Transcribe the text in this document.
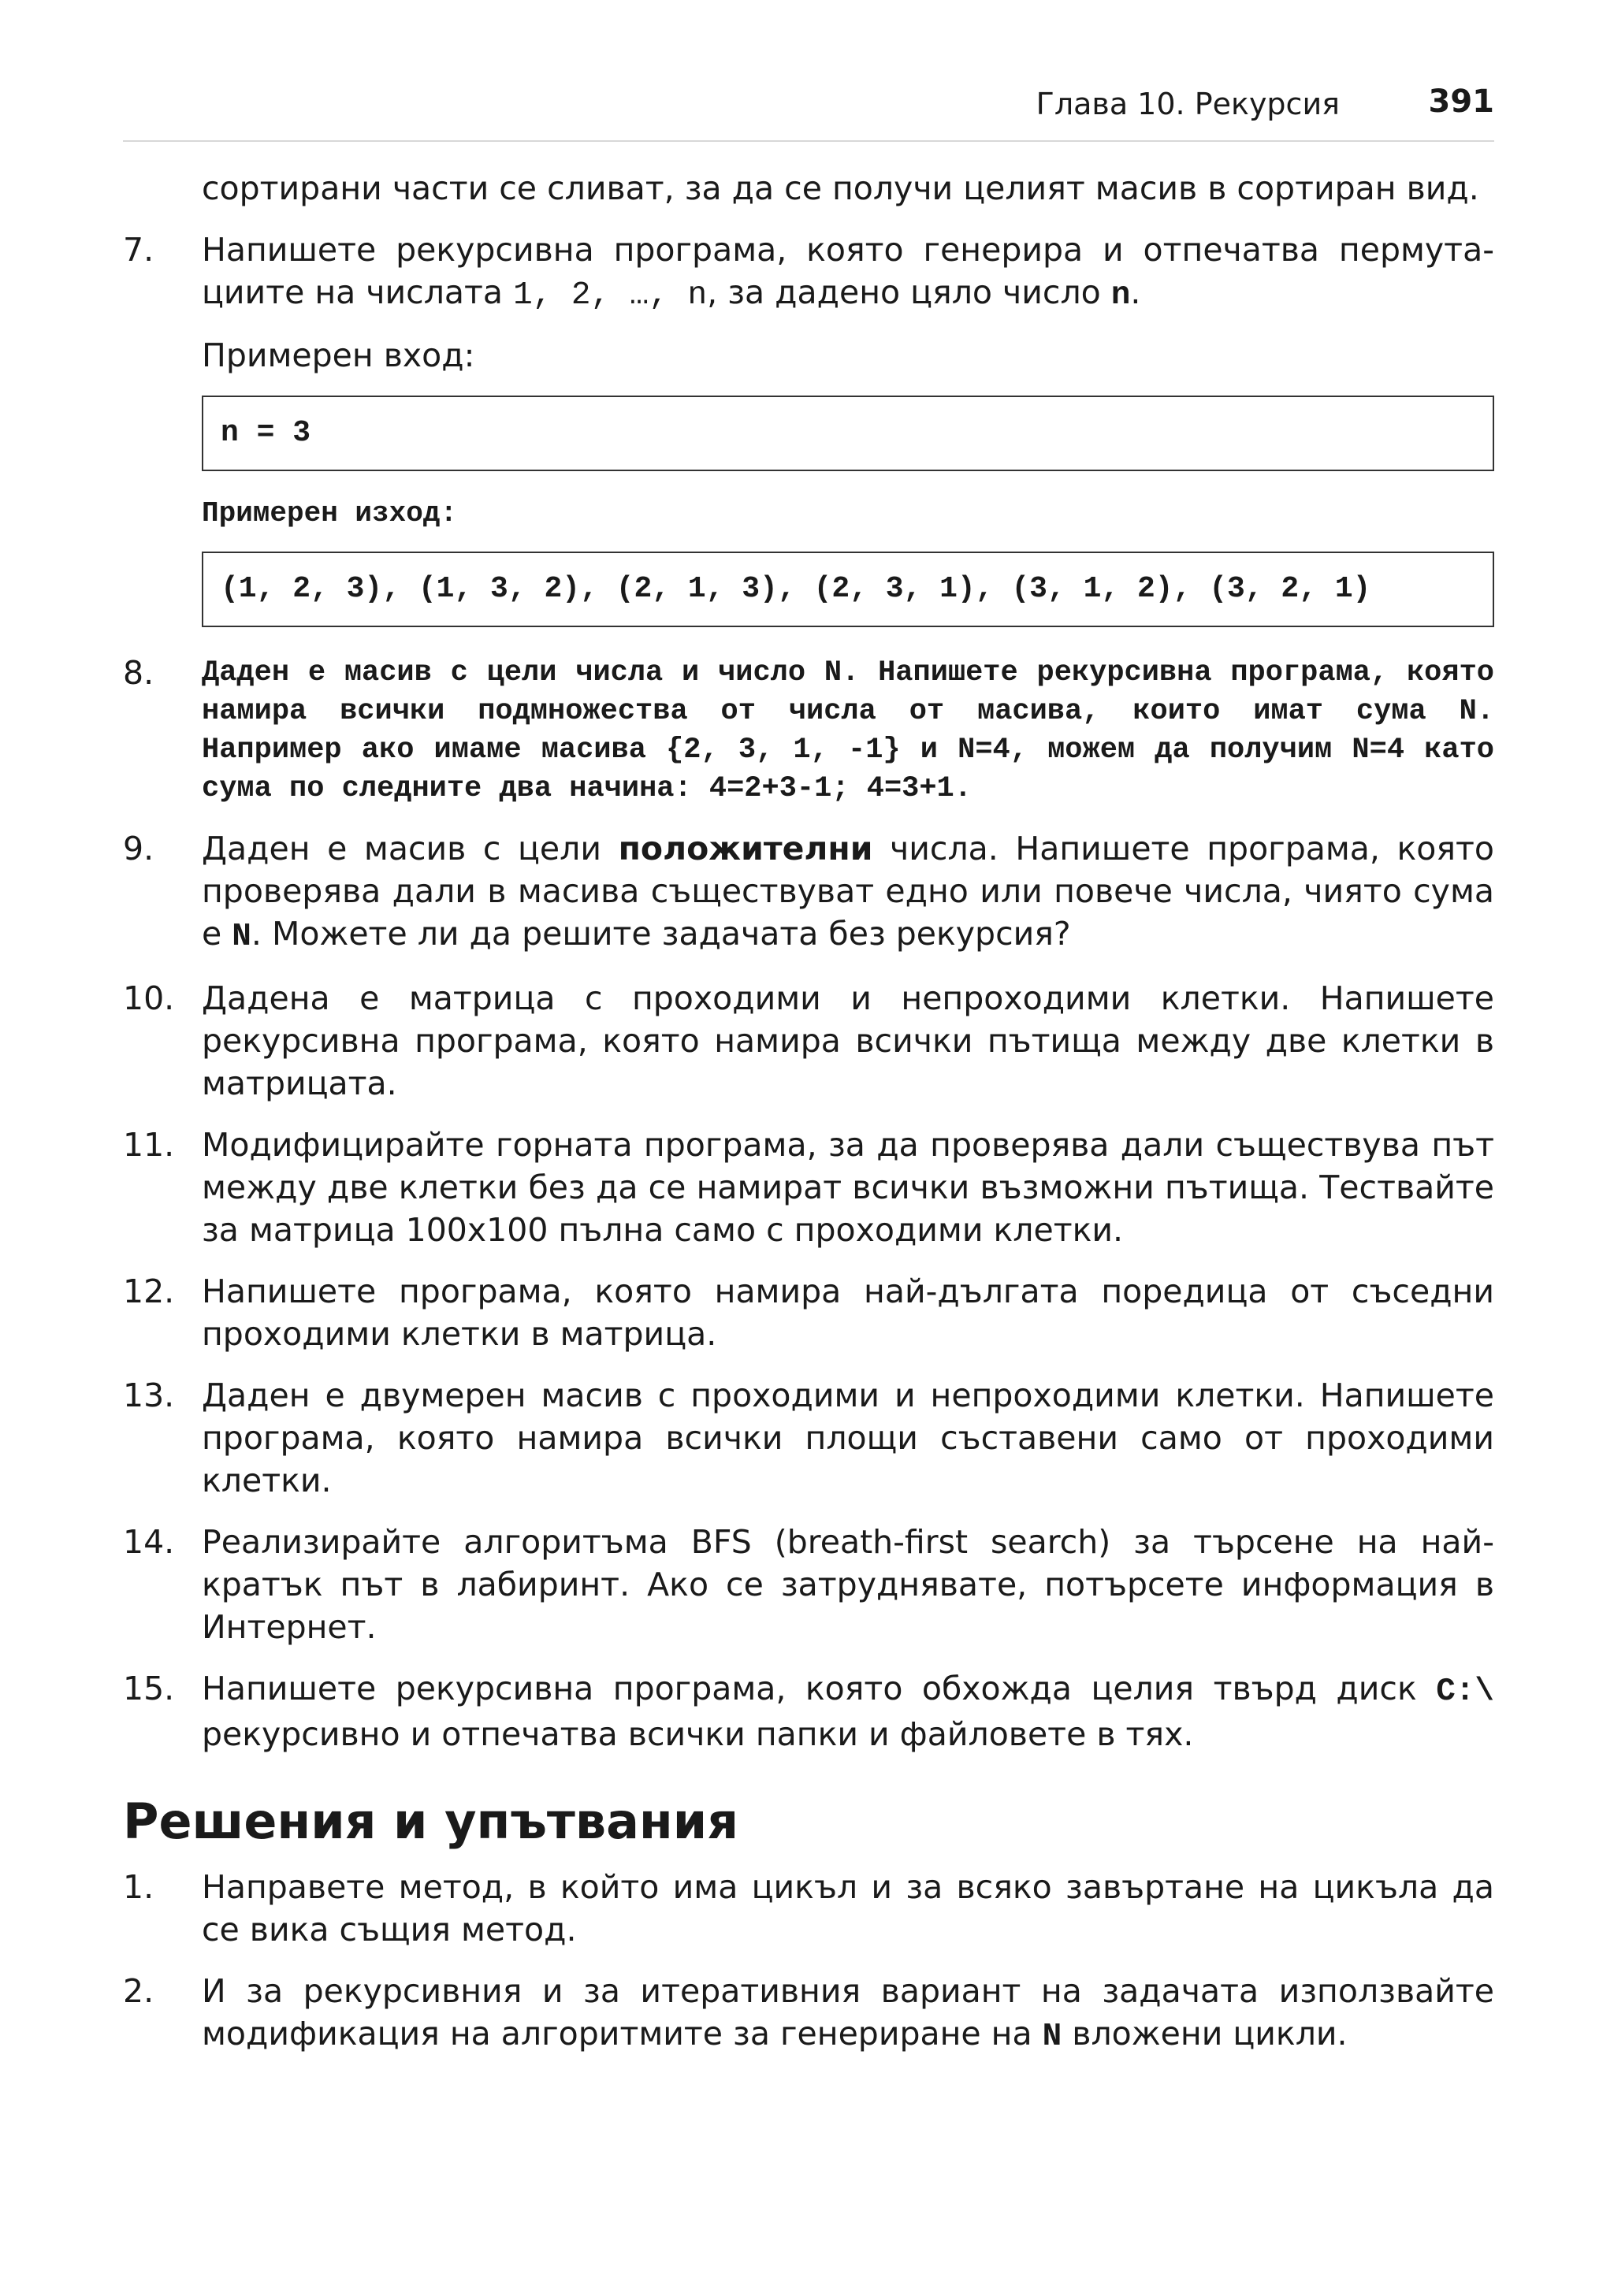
Глава 10. Рекурсия	391
сортирани части се сливат, за да се получи целият масив в сортиран вид.
7.	Напишете рекурсивна програма, която генерира и отпечатва пермута-циите на числата 1, 2, …, n, за дадено цяло число n.
Примерен вход:
n = 3
Примерен изход:
(1, 2, 3), (1, 3, 2), (2, 1, 3), (2, 3, 1), (3, 1, 2), (3, 2, 1)
8.	Даден е масив с цели числа и число N. Напишете рекурсивна програма, която намира всички подмножества от числа от масива, които имат сума N. Например ако имаме масива {2, 3, 1, -1} и N=4, можем да получим N=4 като сума по следните два начина: 4=2+3-1; 4=3+1.
9.	Даден е масив с цели положителни числа. Напишете програма, която проверява дали в масива съществуват едно или повече числа, чиято сума е N. Можете ли да решите задачата без рекурсия?
10. Дадена е матрица с проходими и непроходими клетки. Напишете рекурсивна програма, която намира всички пътища между две клетки в матрицата.
11. Модифицирайте горната програма, за да проверява дали съществува път между две клетки без да се намират всички възможни пътища. Тествайте за матрица 100x100 пълна само с проходими клетки.
12. Напишете програма, която намира най-дългата поредица от съседни проходими клетки в матрица.
13. Даден е двумерен масив с проходими и непроходими клетки. Напишете програма, която намира всички площи съставени само от проходими клетки.
14. Реализирайте алгоритъма BFS (breath-first search) за търсене на най-кратък път в лабиринт. Ако се затруднявате, потърсете информация в Интернет.
15. Напишете рекурсивна програма, която обхожда целия твърд диск C:\ рекурсивно и отпечатва всички папки и файловете в тях.
Решения и упътвания
1.	Направете метод, в който има цикъл и за всяко завъртане на цикъла да се вика същия метод.
2.	И за рекурсивния и за итеративния вариант на задачата използвайте модификация на алгоритмите за генериране на N вложени цикли.
